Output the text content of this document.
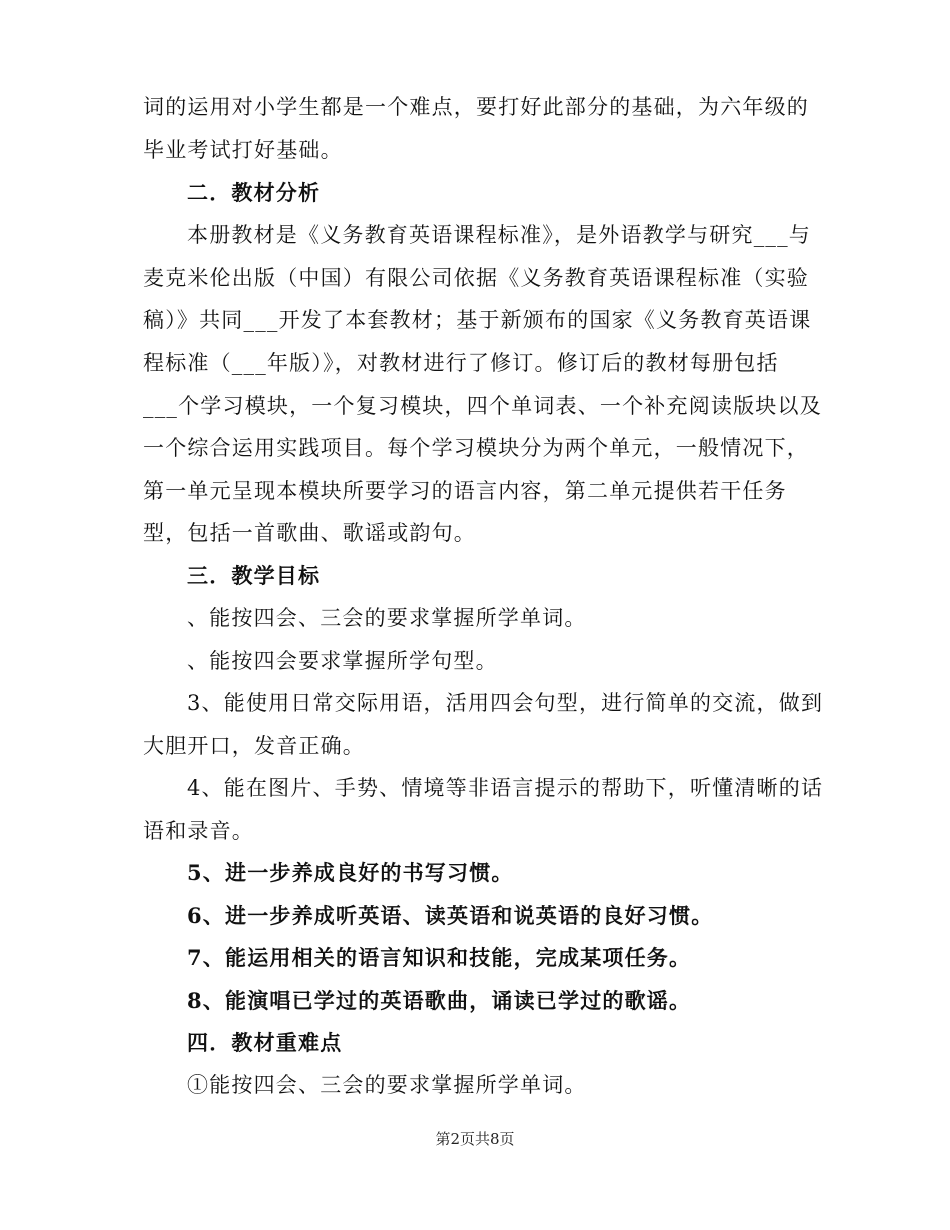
词的运用对小学生都是一个难点，要打好此部分的基础，为六年级的
毕业考试打好基础。
二．教材分析
本册教材是《义务教育英语课程标准》，是外语教学与研究___与
麦克米伦出版（中国）有限公司依据《义务教育英语课程标准（实验
稿）》共同___开发了本套教材；基于新颁布的国家《义务教育英语课
程标准（___年版）》，对教材进行了修订。修订后的教材每册包括
___个学习模块，一个复习模块，四个单词表、一个补充阅读版块以及
一个综合运用实践项目。每个学习模块分为两个单元，一般情况下，
第一单元呈现本模块所要学习的语言内容，第二单元提供若干任务
型，包括一首歌曲、歌谣或韵句。
三．教学目标
、能按四会、三会的要求掌握所学单词。
、能按四会要求掌握所学句型。
3、能使用日常交际用语，活用四会句型，进行简单的交流，做到
大胆开口，发音正确。
4、能在图片、手势、情境等非语言提示的帮助下，听懂清晰的话
语和录音。
5、进一步养成良好的书写习惯。
6、进一步养成听英语、读英语和说英语的良好习惯。
7、能运用相关的语言知识和技能，完成某项任务。
8、能演唱已学过的英语歌曲，诵读已学过的歌谣。
四．教材重难点
①能按四会、三会的要求掌握所学单词。
第2页共8页
